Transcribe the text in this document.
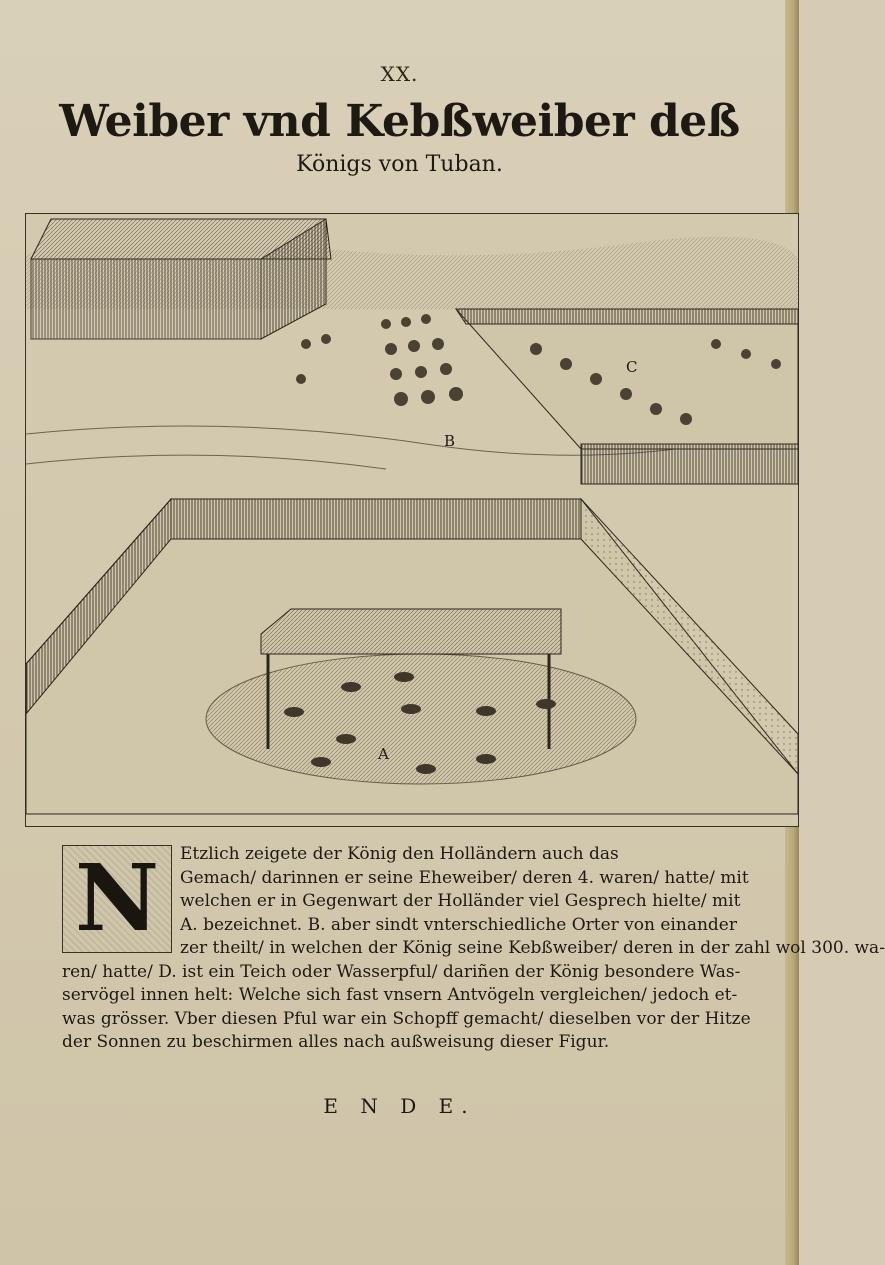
XX.
Weiber vnd Kebßweiber deß
Königs von Tuban.
A
B
C
N	Etzlich zeigete der König den Holländern auch das
Gemach/ darinnen er seine Eheweiber/ deren 4. waren/ hatte/ mit
welchen er in Gegenwart der Holländer viel Gesprech hielte/ mit
A. bezeichnet. B. aber sindt vnterschiedliche Orter von einander
zer theilt/ in welchen der König seine Kebßweiber/ deren in der zahl wol 300. wa-
ren/ hatte/ D. ist ein Teich oder Wasserpful/ dariñen der König besondere Was-
servögel innen helt: Welche sich fast vnsern Antvögeln vergleichen/ jedoch et-
was grösser. Vber diesen Pful war ein Schopff gemacht/ dieselben vor der Hitze
der Sonnen zu beschirmen alles nach außweisung dieser Figur.
E N D E.
